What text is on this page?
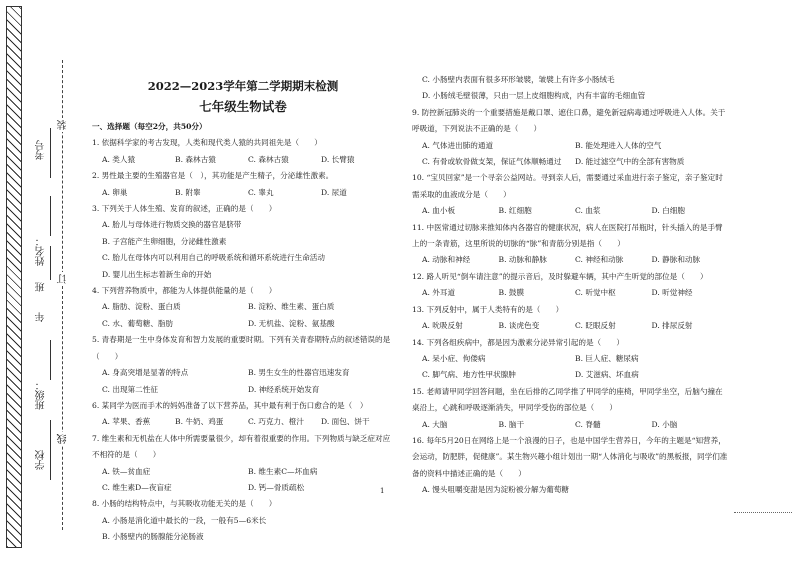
考号
姓名：
年
班
班级：
学校
装
订
线
2022—2023学年第二学期期末检测
七年级生物试卷
一、选择题（每空2分，共50分）

1. 依据科学家的考古发现，人类和现代类人猿的共同祖先是（　　）

A. 类人猿	B. 森林古猿	C. 森林古猿	D. 长臂猿

2. 男性最主要的生殖器官是（　），其功能是产生精子，分泌雄性激素。

A. 卵巢	B. 附睾	C. 睾丸	D. 尿道

3. 下列关于人体生殖、发育的叙述，正确的是（　　）

A. 胎儿与母体进行物质交换的器官是脐带
B. 子宫能产生卵细胞，分泌雌性激素
C. 胎儿在母体内可以利用自己的呼吸系统和循环系统进行生命活动
D. 婴儿出生标志着新生命的开始

4. 下列营养物质中，都能为人体提供能量的是（　　）

A. 脂肪、淀粉、蛋白质	B. 淀粉、维生素、蛋白质
C. 水、葡萄糖、脂肪	D. 无机盐、淀粉、氨基酸

5. 青春期是一生中身体发育和智力发展的重要时期。下列有关青春期特点的叙述错误的是（　　）

A. 身高突增是显著的特点	B. 男生女生的性器官迅速发育
C. 出现第二性征	D. 神经系统开始发育

6. 某同学为医而手术的妈妈准备了以下营养品，其中最有利于伤口愈合的是（　）

A. 苹果、香蕉	B. 牛奶、鸡蛋	C. 巧克力、橙汁	D. 面包、饼干

7. 维生素和无机盐在人体中所需要量很少，却有着很重要的作用。下列物质与缺乏症对应不相符的是（　　）

A. 铁—贫血症	B. 维生素C—坏血病
C. 维生素D—夜盲症	D. 钙—骨质疏松

8. 小肠的结构特点中，与其吸收功能无关的是（　　）

A. 小肠是消化道中最长的一段，一般有5—6米长
B. 小肠壁内的肠腺能分泌肠液
C. 小肠壁内表面有很多环形皱襞，皱襞上有许多小肠绒毛
D. 小肠绒毛壁很薄，只由一层上皮细胞构成，内有丰富的毛细血管

9. 防控新冠肺炎的一个重要措施是戴口罩、遮住口鼻，避免新冠病毒通过呼吸进入人体。关于呼吸道，下列说法不正确的是（　　）

A. 气体进出肺的通道	B. 能处理进入人体的空气
C. 有骨或软骨做支架，保证气体顺畅通过	D. 能过滤空气中的全部有害物质

10. “宝贝回家”是一个寻亲公益网站。寻到亲人后，需要通过采血进行亲子鉴定，亲子鉴定时需采取的血液成分是（　　）

A. 血小板	B. 红细胞	C. 血浆	D. 白细胞

11. 中医常通过切脉来推知体内各器官的健康状况，病人在医院打吊瓶时，针头插入的是手臂上的一条青筋，这里所说的切脉的“脉”和青筋分别是指（　　）

A. 动脉和神经	B. 动脉和静脉	C. 神经和动脉	D. 静脉和动脉

12. 路人听见“倒车请注意”的提示音后，及时躲避车辆，其中产生听觉的部位是（　　）

A. 外耳道	B. 鼓膜	C. 听觉中枢	D. 听觉神经

13. 下列反射中，属于人类特有的是（　　）

A. 吮吸反射	B. 谈虎色变	C. 眨眼反射	D. 排尿反射

14. 下列各组疾病中，都是因为激素分泌异常引起的是（　　）

A. 呆小症、佝偻病	B. 巨人症、糖尿病
C. 脚气病、地方性甲状腺肿	D. 艾滋病、坏血病

15. 老师请甲同学回答问题，坐在后排的乙同学推了甲同学的座椅，甲同学坐空，后脑勺撞在桌沿上，心跳和呼吸逐渐消失，甲同学受伤的部位是（　　）

A. 大脑	B. 脑干	C. 脊髓	D. 小脑

16. 每年5月20日在网络上是一个浪漫的日子，也是中国学生营养日，今年的主题是“知营养，会运动，防肥胖，促健康”。某生物兴趣小组计划出一期“人体消化与吸收”的黑板报，同学们准备的资料中描述正确的是（　　）

A. 馒头咀嚼变甜是因为淀粉被分解为葡萄糖
1
